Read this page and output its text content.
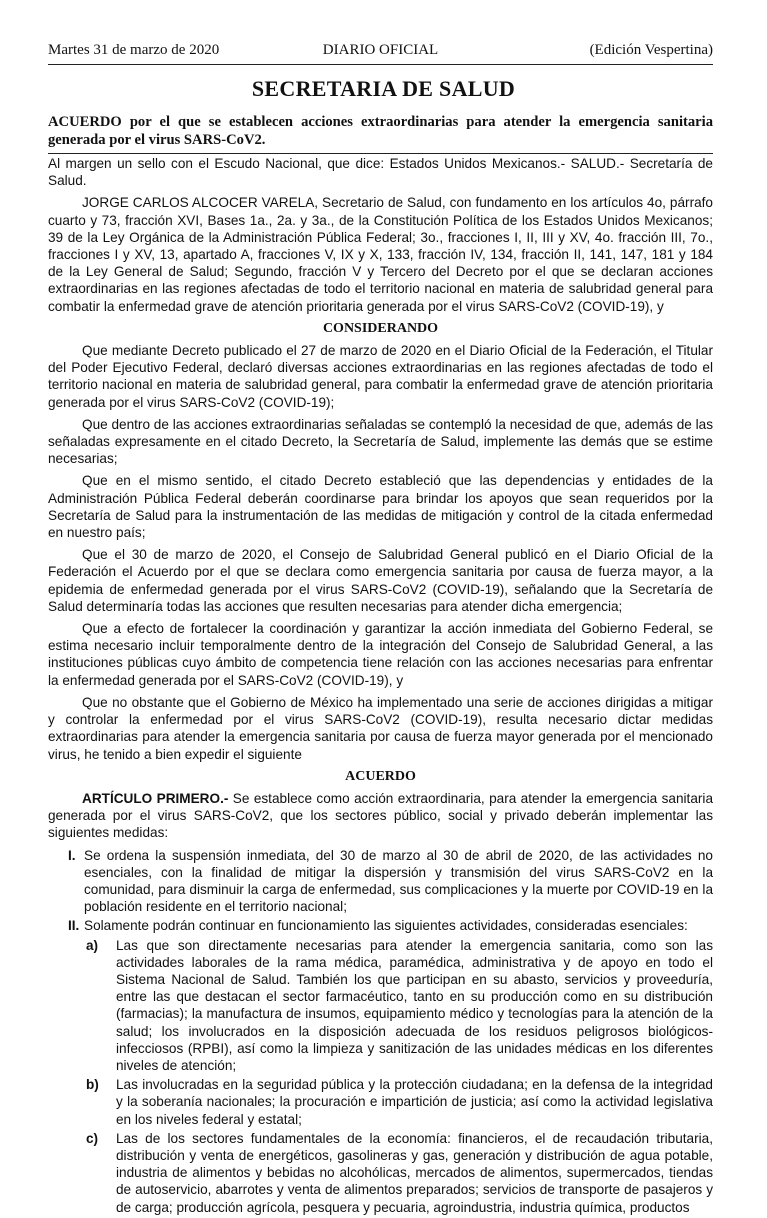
Martes 31 de marzo de 2020	DIARIO OFICIAL	(Edición Vespertina)
SECRETARIA DE SALUD
ACUERDO por el que se establecen acciones extraordinarias para atender la emergencia sanitaria generada por el virus SARS-CoV2.

Al margen un sello con el Escudo Nacional, que dice: Estados Unidos Mexicanos.- SALUD.- Secretaría de Salud.

JORGE CARLOS ALCOCER VARELA, Secretario de Salud, con fundamento en los artículos 4o, párrafo cuarto y 73, fracción XVI, Bases 1a., 2a. y 3a., de la Constitución Política de los Estados Unidos Mexicanos; 39 de la Ley Orgánica de la Administración Pública Federal; 3o., fracciones I, II, III y XV, 4o. fracción III, 7o., fracciones I y XV, 13, apartado A, fracciones V, IX y X, 133, fracción IV, 134, fracción II, 141, 147, 181 y 184 de la Ley General de Salud; Segundo, fracción V y Tercero del Decreto por el que se declaran acciones extraordinarias en las regiones afectadas de todo el territorio nacional en materia de salubridad general para combatir la enfermedad grave de atención prioritaria generada por el virus SARS-CoV2 (COVID-19), y

CONSIDERANDO

Que mediante Decreto publicado el 27 de marzo de 2020 en el Diario Oficial de la Federación, el Titular del Poder Ejecutivo Federal, declaró diversas acciones extraordinarias en las regiones afectadas de todo el territorio nacional en materia de salubridad general, para combatir la enfermedad grave de atención prioritaria generada por el virus SARS-CoV2 (COVID-19);

Que dentro de las acciones extraordinarias señaladas se contempló la necesidad de que, además de las señaladas expresamente en el citado Decreto, la Secretaría de Salud, implemente las demás que se estime necesarias;

Que en el mismo sentido, el citado Decreto estableció que las dependencias y entidades de la Administración Pública Federal deberán coordinarse para brindar los apoyos que sean requeridos por la Secretaría de Salud para la instrumentación de las medidas de mitigación y control de la citada enfermedad en nuestro país;

Que el 30 de marzo de 2020, el Consejo de Salubridad General publicó en el Diario Oficial de la Federación el Acuerdo por el que se declara como emergencia sanitaria por causa de fuerza mayor, a la epidemia de enfermedad generada por el virus SARS-CoV2 (COVID-19), señalando que la Secretaría de Salud determinaría todas las acciones que resulten necesarias para atender dicha emergencia;

Que a efecto de fortalecer la coordinación y garantizar la acción inmediata del Gobierno Federal, se estima necesario incluir temporalmente dentro de la integración del Consejo de Salubridad General, a las instituciones públicas cuyo ámbito de competencia tiene relación con las acciones necesarias para enfrentar la enfermedad generada por el SARS-CoV2 (COVID-19), y

Que no obstante que el Gobierno de México ha implementado una serie de acciones dirigidas a mitigar y controlar la enfermedad por el virus SARS-CoV2 (COVID-19), resulta necesario dictar medidas extraordinarias para atender la emergencia sanitaria por causa de fuerza mayor generada por el mencionado virus, he tenido a bien expedir el siguiente

ACUERDO

ARTÍCULO PRIMERO.- Se establece como acción extraordinaria, para atender la emergencia sanitaria generada por el virus SARS-CoV2, que los sectores público, social y privado deberán implementar las siguientes medidas:

I. Se ordena la suspensión inmediata, del 30 de marzo al 30 de abril de 2020, de las actividades no esenciales, con la finalidad de mitigar la dispersión y transmisión del virus SARS-CoV2 en la comunidad, para disminuir la carga de enfermedad, sus complicaciones y la muerte por COVID-19 en la población residente en el territorio nacional;
II. Solamente podrán continuar en funcionamiento las siguientes actividades, consideradas esenciales:
a) Las que son directamente necesarias para atender la emergencia sanitaria, como son las actividades laborales de la rama médica, paramédica, administrativa y de apoyo en todo el Sistema Nacional de Salud. También los que participan en su abasto, servicios y proveeduría, entre las que destacan el sector farmacéutico, tanto en su producción como en su distribución (farmacias); la manufactura de insumos, equipamiento médico y tecnologías para la atención de la salud; los involucrados en la disposición adecuada de los residuos peligrosos biológicos-infecciosos (RPBI), así como la limpieza y sanitización de las unidades médicas en los diferentes niveles de atención;
b) Las involucradas en la seguridad pública y la protección ciudadana; en la defensa de la integridad y la soberanía nacionales; la procuración e impartición de justicia; así como la actividad legislativa en los niveles federal y estatal;
c) Las de los sectores fundamentales de la economía: financieros, el de recaudación tributaria, distribución y venta de energéticos, gasolineras y gas, generación y distribución de agua potable, industria de alimentos y bebidas no alcohólicas, mercados de alimentos, supermercados, tiendas de autoservicio, abarrotes y venta de alimentos preparados; servicios de transporte de pasajeros y de carga; producción agrícola, pesquera y pecuaria, agroindustria, industria química, productos
